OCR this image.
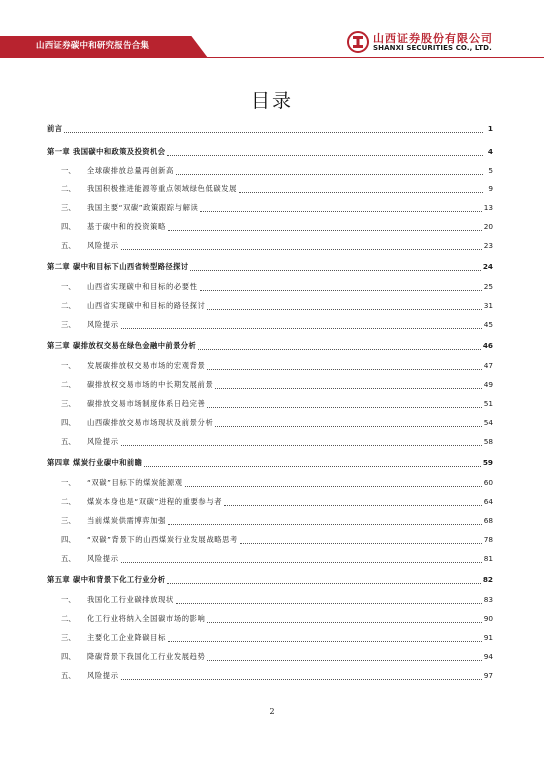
山西证券碳中和研究报告合集
山西证券股份有限公司
SHANXI SECURITIES CO., LTD.
目录
前言	1
第一章 我国碳中和政策及投资机会	4
一、	全球碳排放总量再创新高	5
二、	我国积极推进能源等重点领域绿色低碳发展	9
三、	我国主要“双碳”政策跟踪与解读	13
四、	基于碳中和的投资策略	20
五、	风险提示	23
第二章 碳中和目标下山西省转型路径探讨	24
一、	山西省实现碳中和目标的必要性	25
二、	山西省实现碳中和目标的路径探讨	31
三、	风险提示	45
第三章 碳排放权交易在绿色金融中前景分析	46
一、	发展碳排放权交易市场的宏观背景	47
二、	碳排放权交易市场的中长期发展前景	49
三、	碳排放交易市场制度体系日趋完善	51
四、	山西碳排放交易市场现状及前景分析	54
五、	风险提示	58
第四章 煤炭行业碳中和前瞻	59
一、	“双碳”目标下的煤炭能源观	60
二、	煤炭本身也是“双碳”进程的重要参与者	64
三、	当前煤炭供需博弈加强	68
四、	“双碳”背景下的山西煤炭行业发展战略思考	78
五、	风险提示	81
第五章 碳中和背景下化工行业分析	82
一、	我国化工行业碳排放现状	83
二、	化工行业将纳入全国碳市场的影响	90
三、	主要化工企业降碳目标	91
四、	降碳背景下我国化工行业发展趋势	94
五、	风险提示	97
2
